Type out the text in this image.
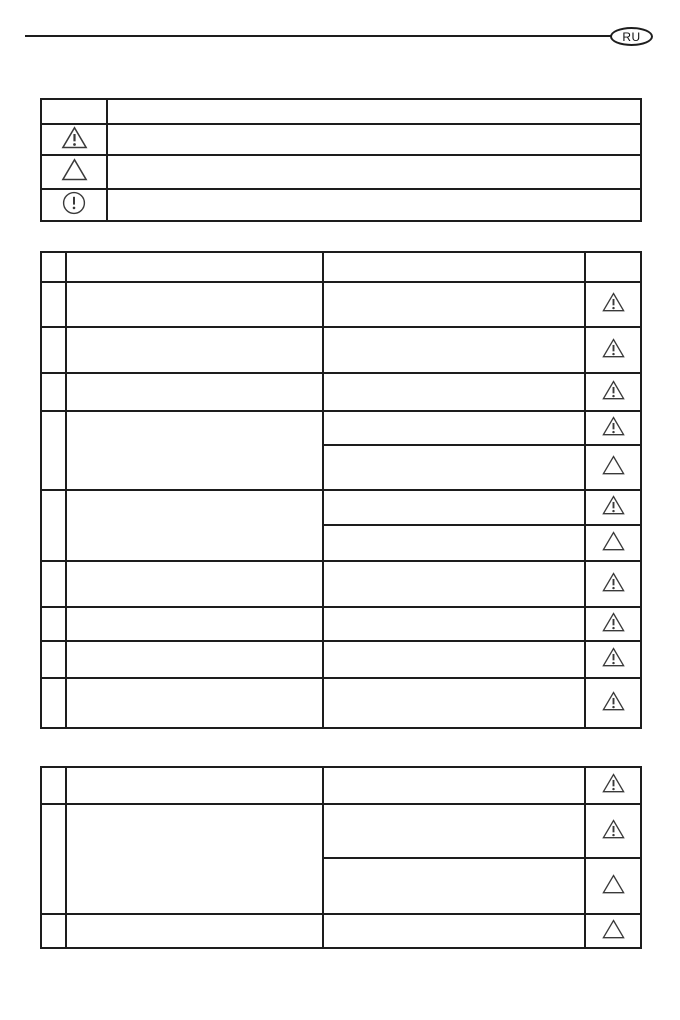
RU
